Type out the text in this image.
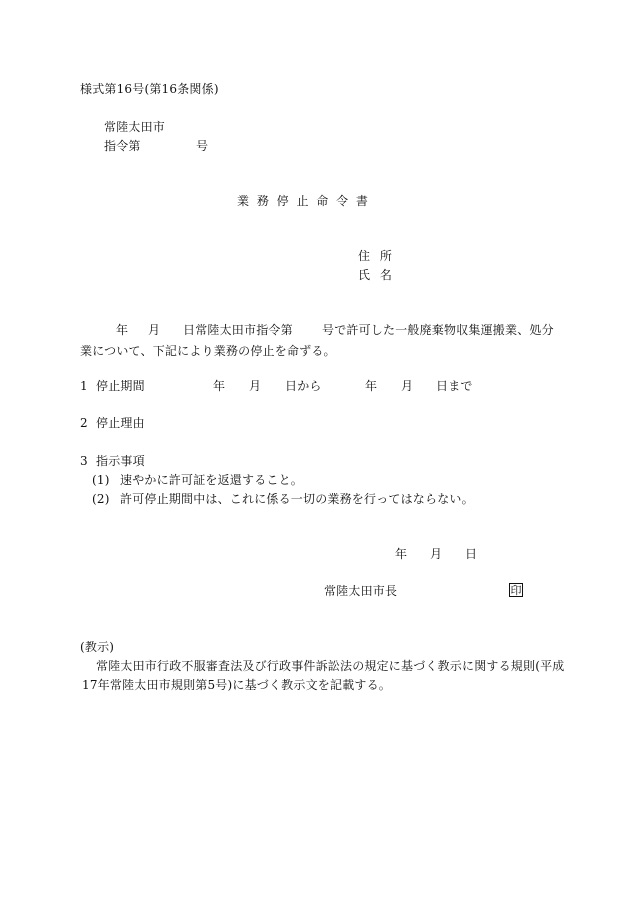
様式第16号(第16条関係)
常陸太田市
指令第	号
業 務 停 止 命 令 書
住 所
氏 名
年 月 日常陸太田市指令第 号で許可した一般廃棄物収集運搬業、処分
業について、下記により業務の停止を命ずる。
1 停止期間	年 月 日から	年 月 日まで
2 停止理由
3 指示事項
(1) 速やかに許可証を返還すること。
(2) 許可停止期間中は、これに係る一切の業務を行ってはならない。
年 月 日
常陸太田市長	印
(教示)
常陸太田市行政不服審査法及び行政事件訴訟法の規定に基づく教示に関する規則(平成
17年常陸太田市規則第5号)に基づく教示文を記載する。
